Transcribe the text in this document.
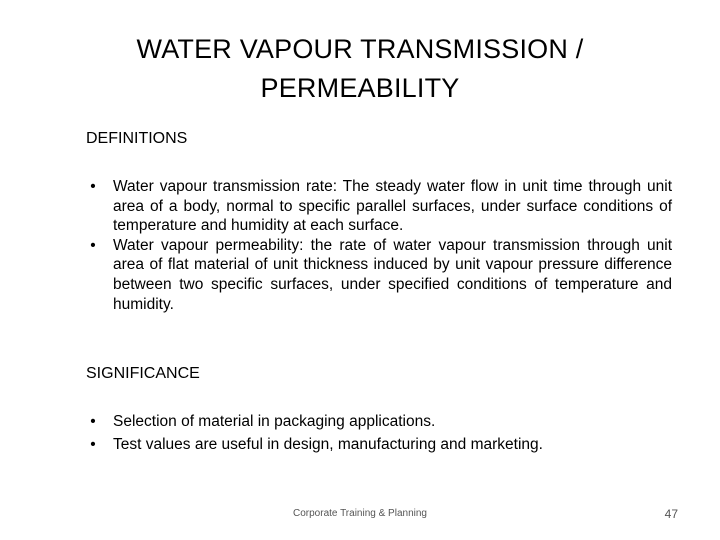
WATER VAPOUR TRANSMISSION / PERMEABILITY
DEFINITIONS
• Water vapour transmission rate: The steady water flow in unit time through unit area of a body, normal to specific parallel surfaces, under surface conditions of temperature and humidity at each surface.
• Water vapour permeability: the rate of water vapour transmission through unit area of flat material of unit thickness induced by unit vapour pressure difference between two specific surfaces, under specified conditions of temperature and humidity.
SIGNIFICANCE
• Selection of material in packaging applications.
• Test values are useful in design, manufacturing and marketing.
Corporate Training & Planning	47
